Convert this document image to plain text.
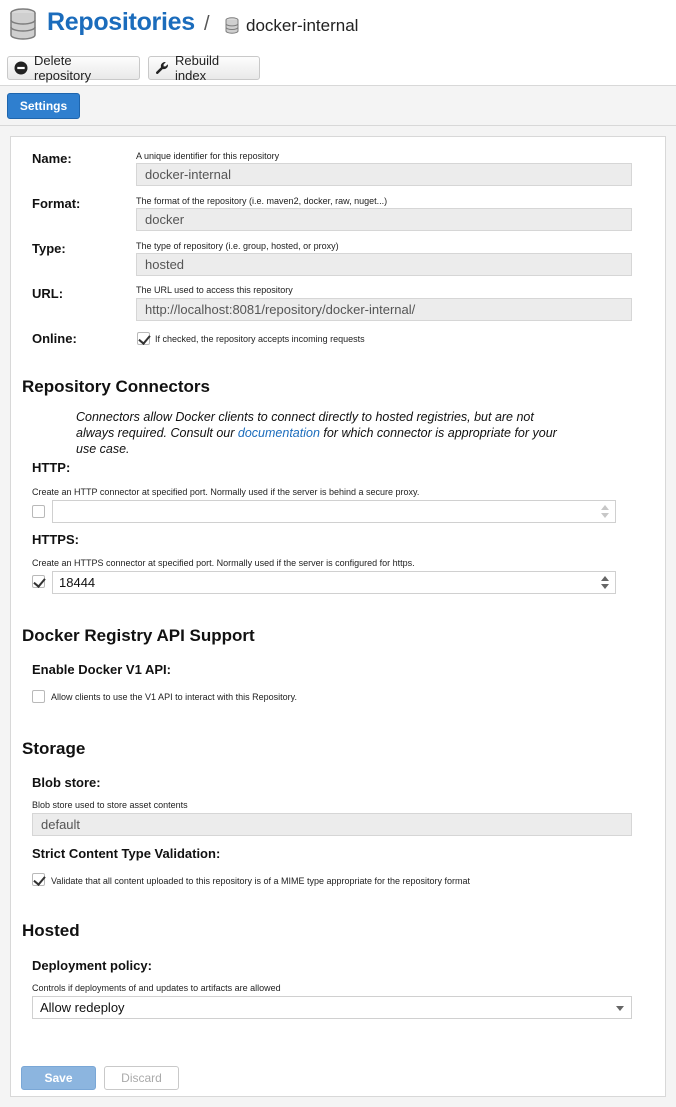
Repositories / docker-internal
Delete repository
Rebuild index
Settings
Name:	A unique identifier for this repository
docker-internal
Format:	The format of the repository (i.e. maven2, docker, raw, nuget...)
docker
Type:	The type of repository (i.e. group, hosted, or proxy)
hosted
URL:	The URL used to access this repository
http://localhost:8081/repository/docker-internal/
Online:	If checked, the repository accepts incoming requests
Repository Connectors
Connectors allow Docker clients to connect directly to hosted registries, but are not
always required. Consult our documentation for which connector is appropriate for your
use case.
HTTP:
Create an HTTP connector at specified port. Normally used if the server is behind a secure proxy.
HTTPS:
Create an HTTPS connector at specified port. Normally used if the server is configured for https.
18444
Docker Registry API Support
Enable Docker V1 API:
Allow clients to use the V1 API to interact with this Repository.
Storage
Blob store:
Blob store used to store asset contents
default
Strict Content Type Validation:
Validate that all content uploaded to this repository is of a MIME type appropriate for the repository format
Hosted
Deployment policy:
Controls if deployments of and updates to artifacts are allowed
Allow redeploy
Save	Discard
